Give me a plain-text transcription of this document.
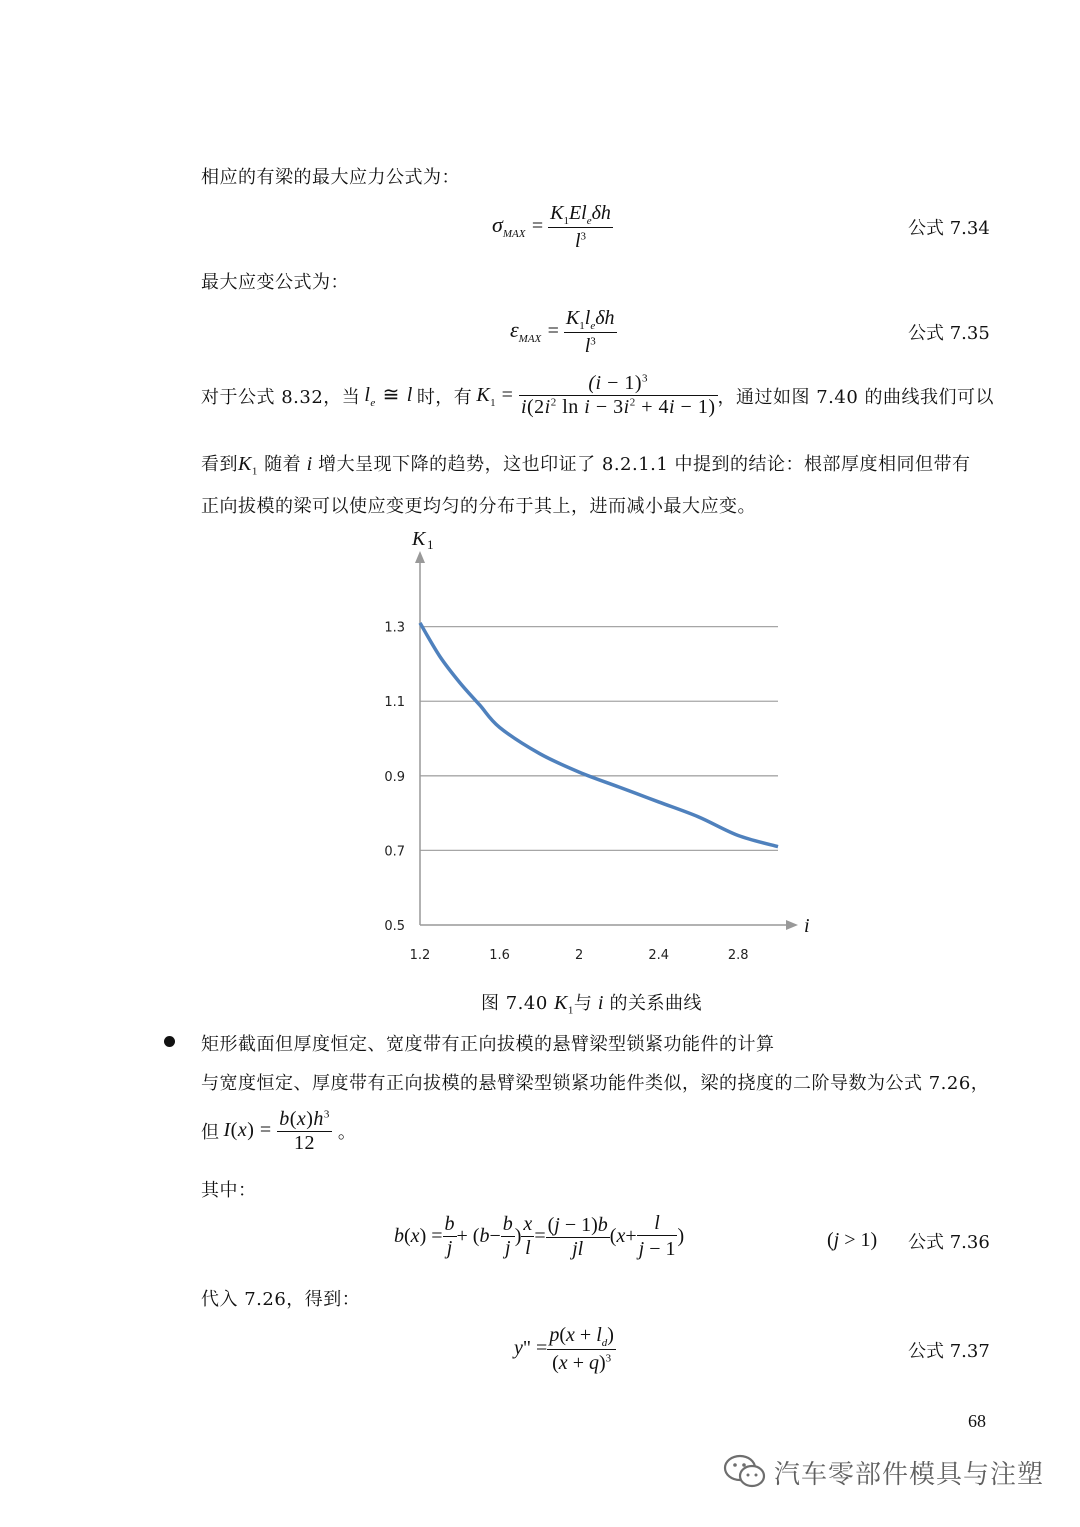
相应的有梁的最大应力公式为：
$\sigma_{MAX} = \frac{K_1El_e\delta h}{l^3}$	公式 7.34
最大应变公式为：
$\varepsilon_{MAX} = \frac{K_1l_e\delta h}{l^3}$	公式 7.35
对于公式 8.32，当 $l_e$ ≅ l 时，有 $K_1 = \frac{(i - 1)^3}{i(2i^2 \ln i - 3i^2 + 4i - 1)}$ ，通过如图 7.40 的曲线我们可以
看到$K_1$ 随着 i 增大呈现下降的趋势，这也印证了 8.2.1.1 中提到的结论：根部厚度相同但带有
正向拔模的梁可以使应变更均匀的分布于其上，进而减小最大应变。
1.3
1.1
0.9
0.7
0.5
1.2	1.6	2	2.4	2.8
K 1
i
图 7.40 $K_1$与 i 的关系曲线
矩形截面但厚度恒定、宽度带有正向拔模的悬臂梁型锁紧功能件的计算
与宽度恒定、厚度带有正向拔模的悬臂梁型锁紧功能件类似，梁的挠度的二阶导数为公式 7.26，
但 $I(x) = \frac{b(x)h^3}{12}$ 。
其中：
b ( x ) = $\frac{b}{j}$ + ( $b - \frac{b}{j}$ ) $\frac{x}{l} = \frac{(j - 1)b}{jl}$ ( $x + \frac{l}{j - 1}$ )	(j > 1) 公式 7.36
代入 7.26，得到：
y " = $\frac{p(x + l_d)}{(x + q)^3}$	公式 7.37
68
汽车零部件模具与注塑
